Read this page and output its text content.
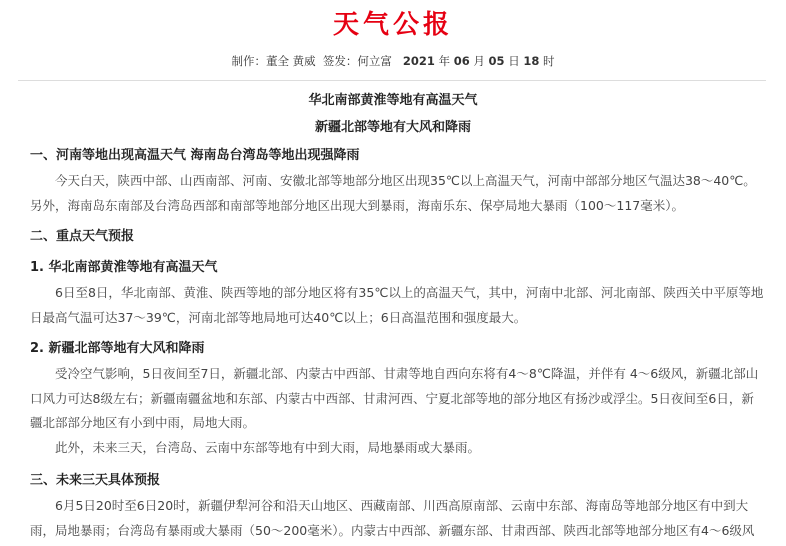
天气公报
制作：董全 黄威 签发：何立富 2021 年 06 月 05 日 18 时
华北南部黄淮等地有高温天气
新疆北部等地有大风和降雨
一、河南等地出现高温天气 海南岛台湾岛等地出现强降雨

今天白天，陕西中部、山西南部、河南、安徽北部等地部分地区出现35℃以上高温天气，河南中部部分地区气温达38～40℃。另外，海南岛东南部及台湾岛西部和南部等地部分地区出现大到暴雨，海南乐东、保亭局地大暴雨（100～117毫米）。

二、重点天气预报
1. 华北南部黄淮等地有高温天气

6日至8日，华北南部、黄淮、陕西等地的部分地区将有35℃以上的高温天气，其中，河南中北部、河北南部、陕西关中平原等地日最高气温可达37～39℃，河南北部等地局地可达40℃以上；6日高温范围和强度最大。

2. 新疆北部等地有大风和降雨

受冷空气影响，5日夜间至7日，新疆北部、内蒙古中西部、甘肃等地自西向东将有4～8℃降温，并伴有 4～6级风，新疆北部山口风力可达8级左右；新疆南疆盆地和东部、内蒙古中西部、甘肃河西、宁夏北部等地的部分地区有扬沙或浮尘。5日夜间至6日，新疆北部部分地区有小到中雨，局地大雨。

此外，未来三天，台湾岛、云南中东部等地有中到大雨，局地暴雨或大暴雨。

三、未来三天具体预报

6月5日20时至6日20时，新疆伊犁河谷和沿天山地区、西藏南部、川西高原南部、云南中东部、海南岛等地部分地区有中到大雨，局地暴雨；台湾岛有暴雨或大暴雨（50～200毫米）。内蒙古中西部、新疆东部、甘肃西部、陕西北部等地部分地区有4～6级风
